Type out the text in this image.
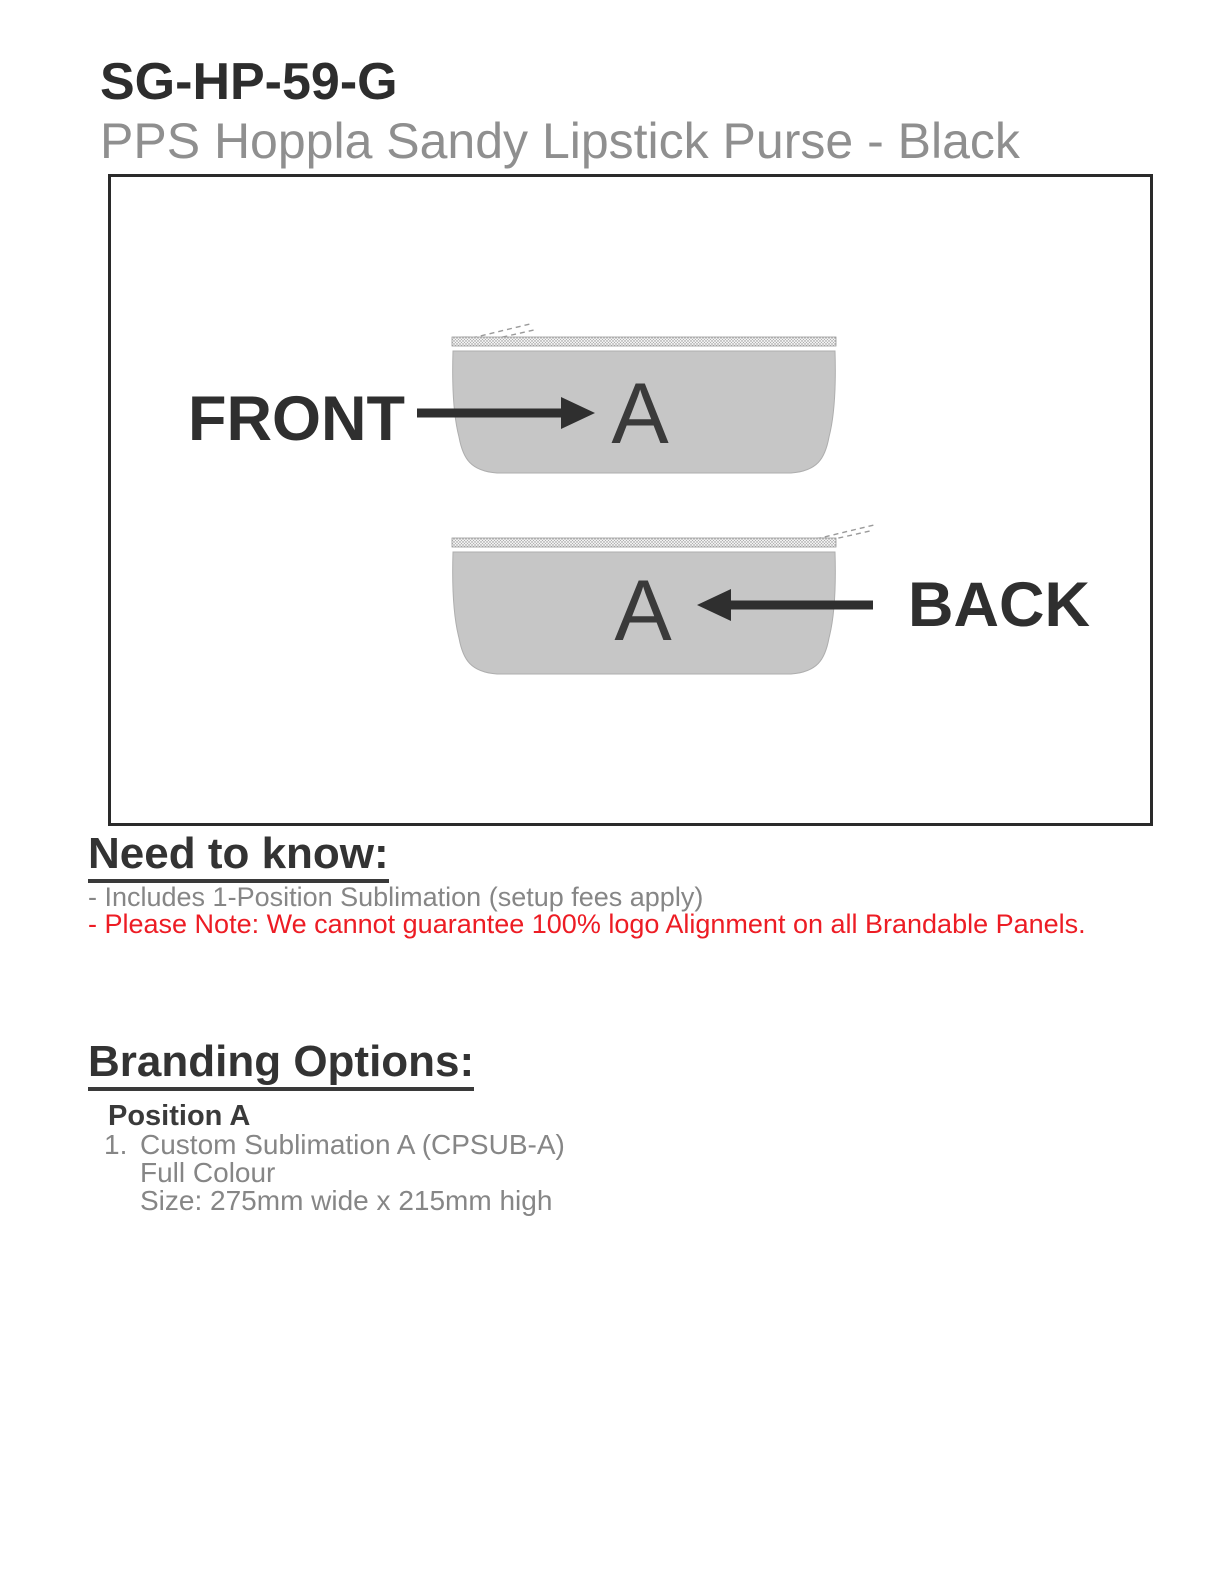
SG-HP-59-G
PPS Hoppla Sandy Lipstick Purse - Black
A
FRONT
A	BACK
Need to know:
- Includes 1-Position Sublimation (setup fees apply)
- Please Note: We cannot guarantee 100% logo Alignment on all Brandable Panels.
Branding Options:
Position A
1. Custom Sublimation A (CPSUB-A)
Full Colour
Size: 275mm wide x 215mm high
